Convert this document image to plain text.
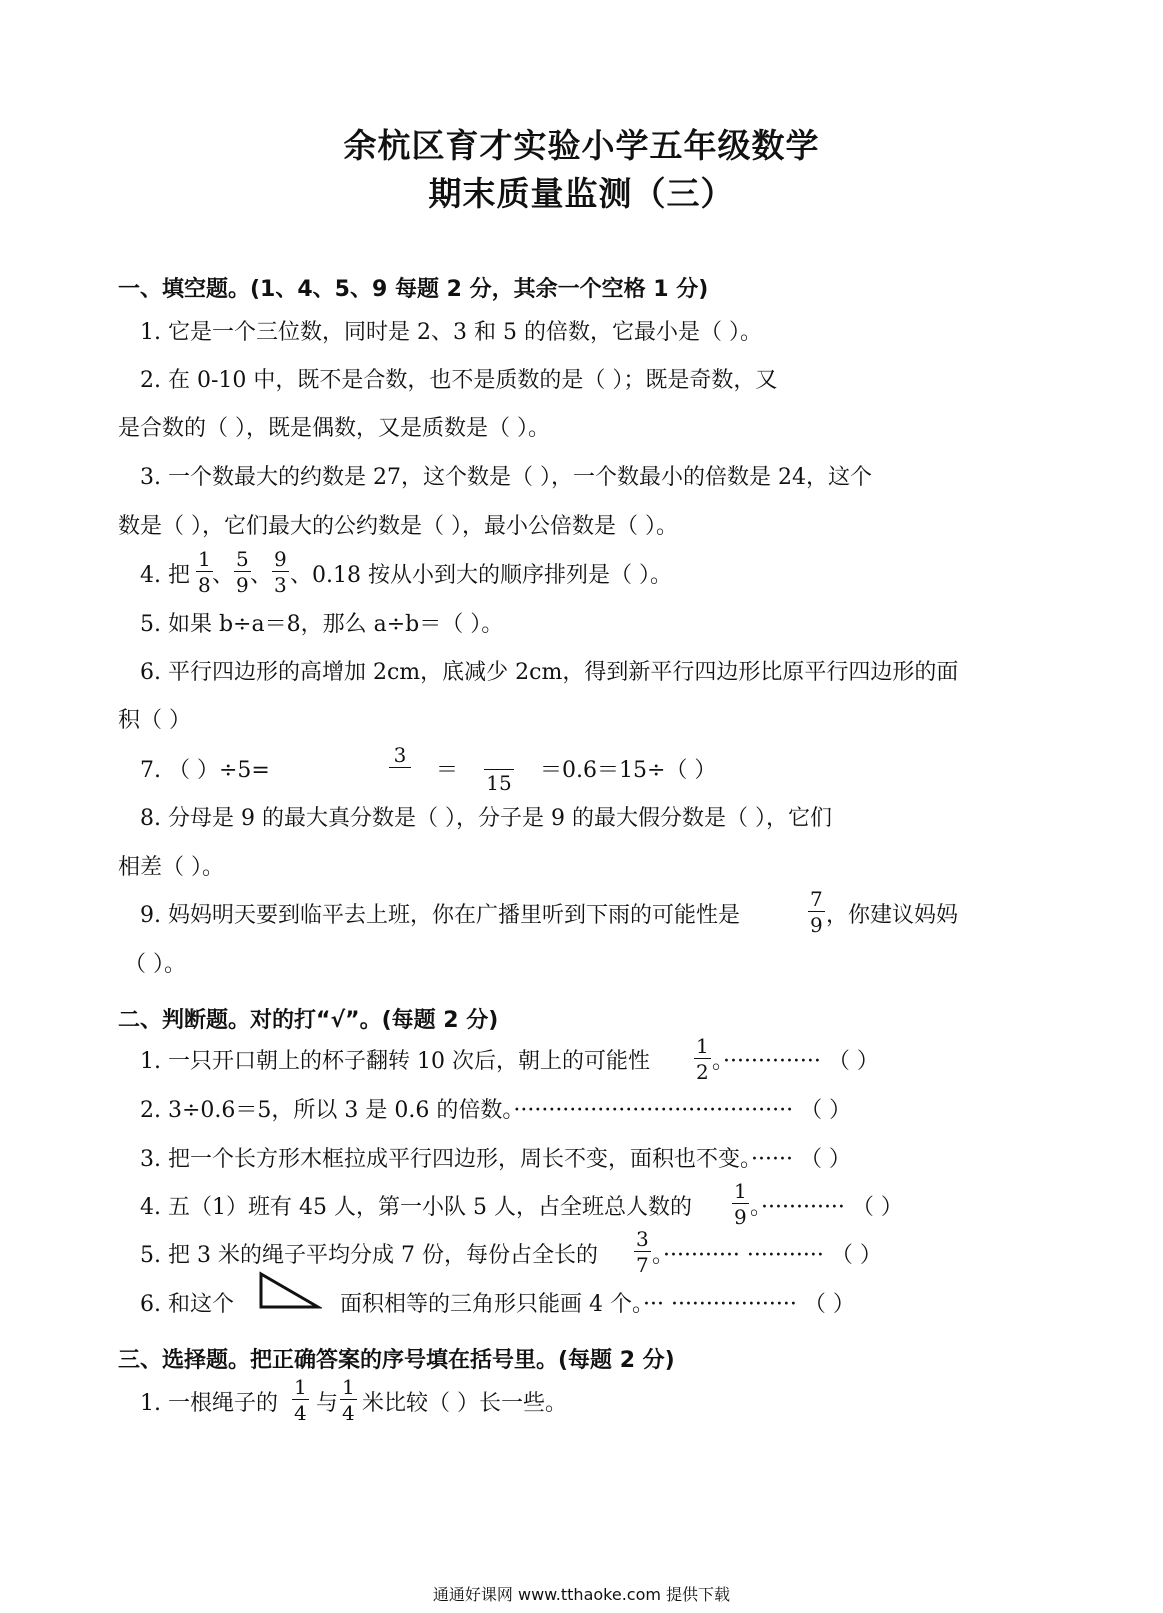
余杭区育才实验小学五年级数学
期末质量监测（三）
一、填空题。(1、4、5、9 每题 2 分，其余一个空格 1 分)
1. 它是一个三位数，同时是 2、3 和 5 的倍数，它最小是（ ）。
2. 在 0-10 中，既不是合数，也不是质数的是（ ）；既是奇数，又
是合数的（ ），既是偶数，又是质数是（ ）。
3. 一个数最大的约数是 27，这个数是（ ），一个数最小的倍数是 24，这个
数是（ ），它们最大的公约数是（ ），最小公倍数是（ ）。
4. 把 $\frac{1}{8}$ 、 $\frac{5}{9}$ 、 $\frac{9}{3}$ 、0.18 按从小到大的顺序排列是（ ）。
5. 如果 b÷a＝8，那么 a÷b＝（ ）。
6. 平行四边形的高增加 2cm，底减少 2cm，得到新平行四边形比原平行四边形的面
积（ ）
7. （ ）÷5=
3
＝ 15 ＝0.6＝15÷（ ）
8. 分母是 9 的最大真分数是（ ），分子是 9 的最大假分数是（ ），它们
相差（ ）。
9. 妈妈明天要到临平去上班，你在广播里听到下雨的可能性是	$\frac{7}{9}$ ，你建议妈妈
（ ）。
二、判断题。对的打“√”。(每题 2 分)
1. 一只开口朝上的杯子翻转 10 次后，朝上的可能性 $\frac{1}{2}$ 。·············· （ ）
2. 3÷0.6＝5，所以 3 是 0.6 的倍数。········································ （ ）
3. 把一个长方形木框拉成平行四边形，周长不变，面积也不变。······ （ ）
4. 五（1）班有 45 人，第一小队 5 人，占全班总人数的 $\frac{1}{9}$ 。············ （ ）
5. 把 3 米的绳子平均分成 7 份，每份占全长的 $\frac{3}{7}$ 。··········· ··········· （ ）
6. 和这个	面积相等的三角形只能画 4 个。··· ·················· （ ）
三、选择题。把正确答案的序号填在括号里。(每题 2 分)
1. 一根绳子的 $\frac{1}{4}$ 与 $\frac{1}{4}$ 米比较（ ）长一些。
通通好课网 www.tthaoke.com 提供下载
